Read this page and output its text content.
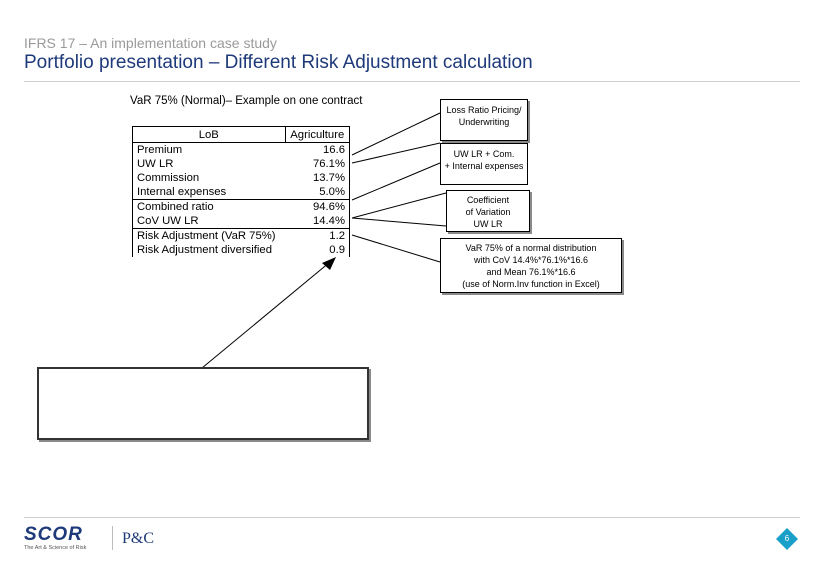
IFRS 17 – An implementation case study
Portfolio presentation – Different Risk Adjustment calculation
VaR 75% (Normal)– Example on one contract
LoB	Agriculture
Premium	16.6
UW LR	76.1%
Commission	13.7%
Internal expenses	5.0%
Combined ratio	94.6%
CoV UW LR	14.4%
Risk Adjustment (VaR 75%)	1.2
Risk Adjustment diversified	0.9
Loss Ratio Pricing/
Underwriting
UW LR + Com.
+ Internal expenses
Coefficient
of Variation
UW LR
VaR 75% of a normal distribution
with CoV 14.4%*76.1%*16.6
and Mean 76.1%*16.6
(use of Norm.Inv function in Excel)
SCOR
The Art & Science of Risk
P&C	6
